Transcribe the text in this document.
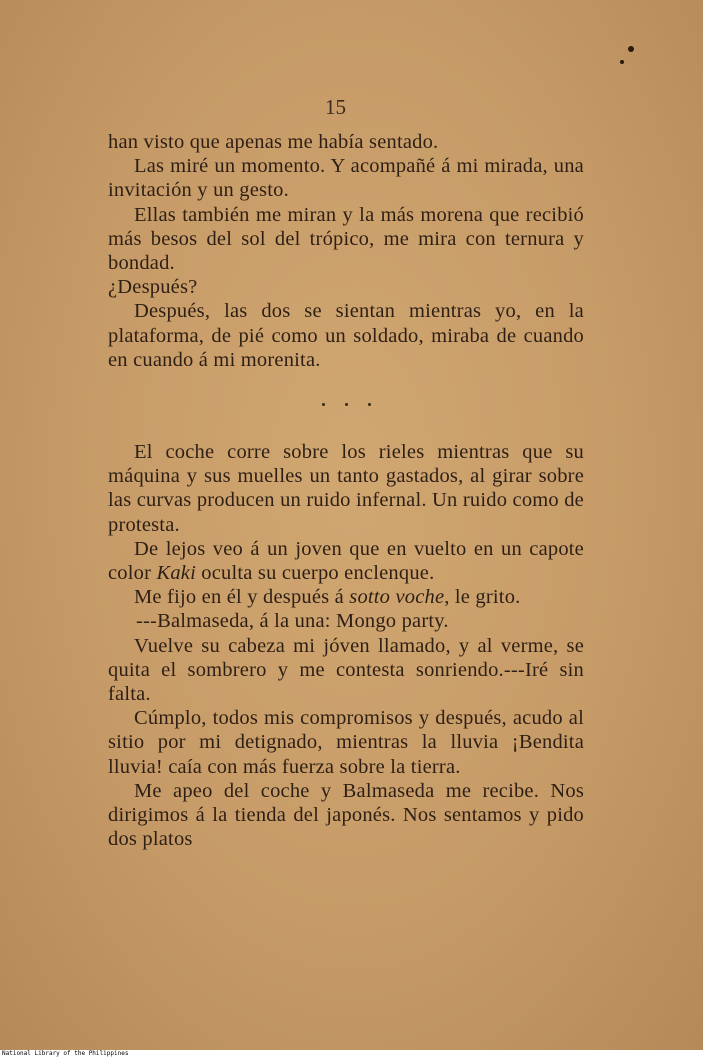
15

han visto que apenas me había sentado.

Las miré un momento. Y acompañé á mi mirada, una invitación y un gesto.

Ellas también me miran y la más morena que recibió más besos del sol del trópico, me mira con ternura y bondad.

¿Después?

Después, las dos se sientan mientras yo, en la plataforma, de pié como un soldado, miraba de cuando en cuando á mi morenita.

El coche corre sobre los rieles mientras que su máquina y sus muelles un tanto gastados, al girar sobre las curvas producen un ruido infernal. Un ruido como de protesta.

De lejos veo á un joven que en vuelto en un capote color Kaki oculta su cuerpo enclenque.

Me fijo en él y después á sotto voche, le grito.

---Balmaseda, á la una: Mongo party.

Vuelve su cabeza mi jóven llamado, y al verme, se quita el sombrero y me contesta sonriendo.---Iré sin falta.

Cúmplo, todos mis compromisos y después, acudo al sitio por mi detignado, mientras la lluvia ¡Bendita lluvia! caía con más fuerza sobre la tierra.

Me apeo del coche y Balmaseda me recibe. Nos dirigimos á la tienda del japonés. Nos sentamos y pido dos platos

National Library of the Philippines
